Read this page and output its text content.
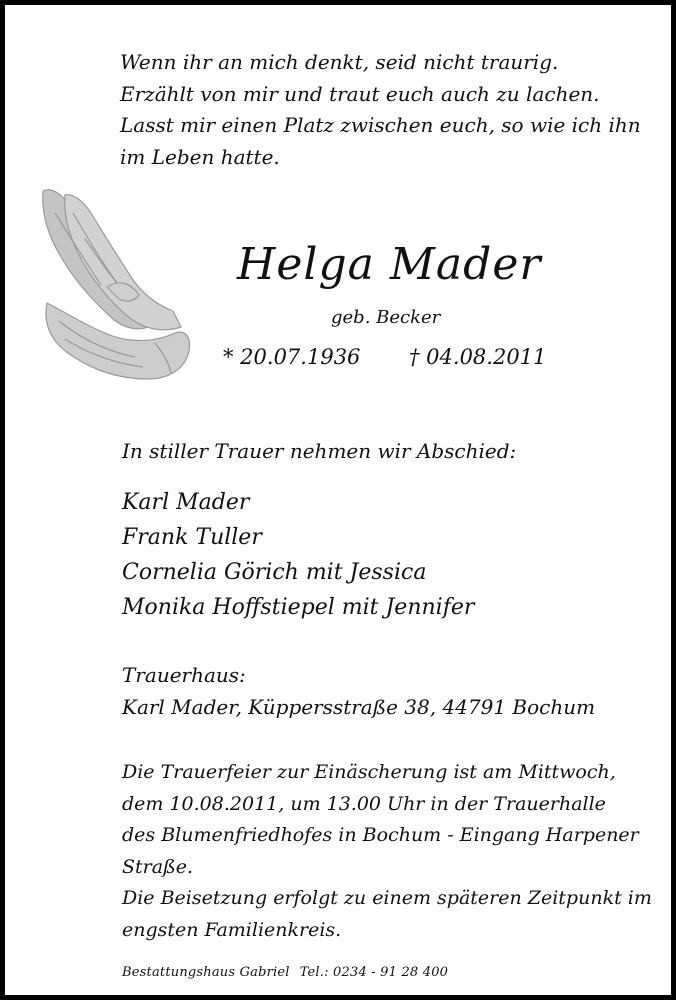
Wenn ihr an mich denkt, seid nicht traurig.
Erzählt von mir und traut euch auch zu lachen.
Lasst mir einen Platz zwischen euch, so wie ich ihn
im Leben hatte.
Helga Mader
geb. Becker
* 20.07.1936 † 04.08.2011
In stiller Trauer nehmen wir Abschied:
Karl Mader
Frank Tuller
Cornelia Görich mit Jessica
Monika Hoffstiepel mit Jennifer
Trauerhaus:
Karl Mader, Küppersstraße 38, 44791 Bochum
Die Trauerfeier zur Einäscherung ist am Mittwoch,
dem 10.08.2011, um 13.00 Uhr in der Trauerhalle
des Blumenfriedhofes in Bochum - Eingang Harpener
Straße.
Die Beisetzung erfolgt zu einem späteren Zeitpunkt im
engsten Familienkreis.
Bestattungshaus Gabriel Tel.: 0234 - 91 28 400
